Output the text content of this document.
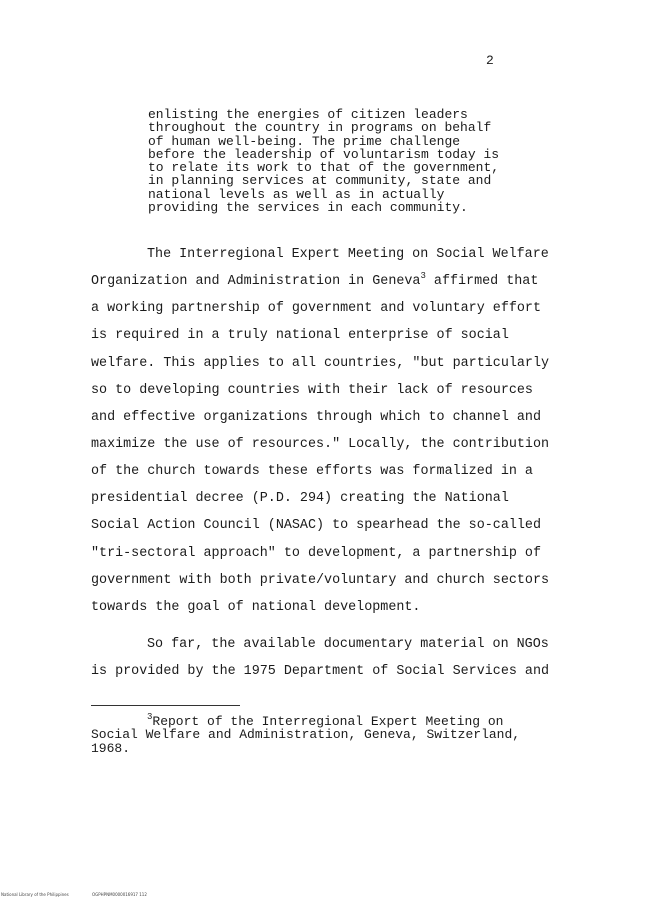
2
enlisting the energies of citizen leaders
throughout the country in programs on behalf
of human well-being. The prime challenge
before the leadership of voluntarism today is
to relate its work to that of the government,
in planning services at community, state and
national levels as well as in actually
providing the services in each community.
The Interregional Expert Meeting on Social Welfare
Organization and Administration in Geneva$^3$ affirmed that
a working partnership of government and voluntary effort
is required in a truly national enterprise of social
welfare. This applies to all countries, "but particularly
so to developing countries with their lack of resources
and effective organizations through which to channel and
maximize the use of resources." Locally, the contribution
of the church towards these efforts was formalized in a
presidential decree (P.D. 294) creating the National
Social Action Council (NASAC) to spearhead the so-called
"tri-sectoral approach" to development, a partnership of
government with both private/voluntary and church sectors
towards the goal of national development.
So far, the available documentary material on NGOs
is provided by the 1975 Department of Social Services and
$^3$Report of the Interregional Expert Meeting on
Social Welfare and Administration, Geneva, Switzerland,
1968.
National Library of the Philippines	OGPHPNM0000016917 112
